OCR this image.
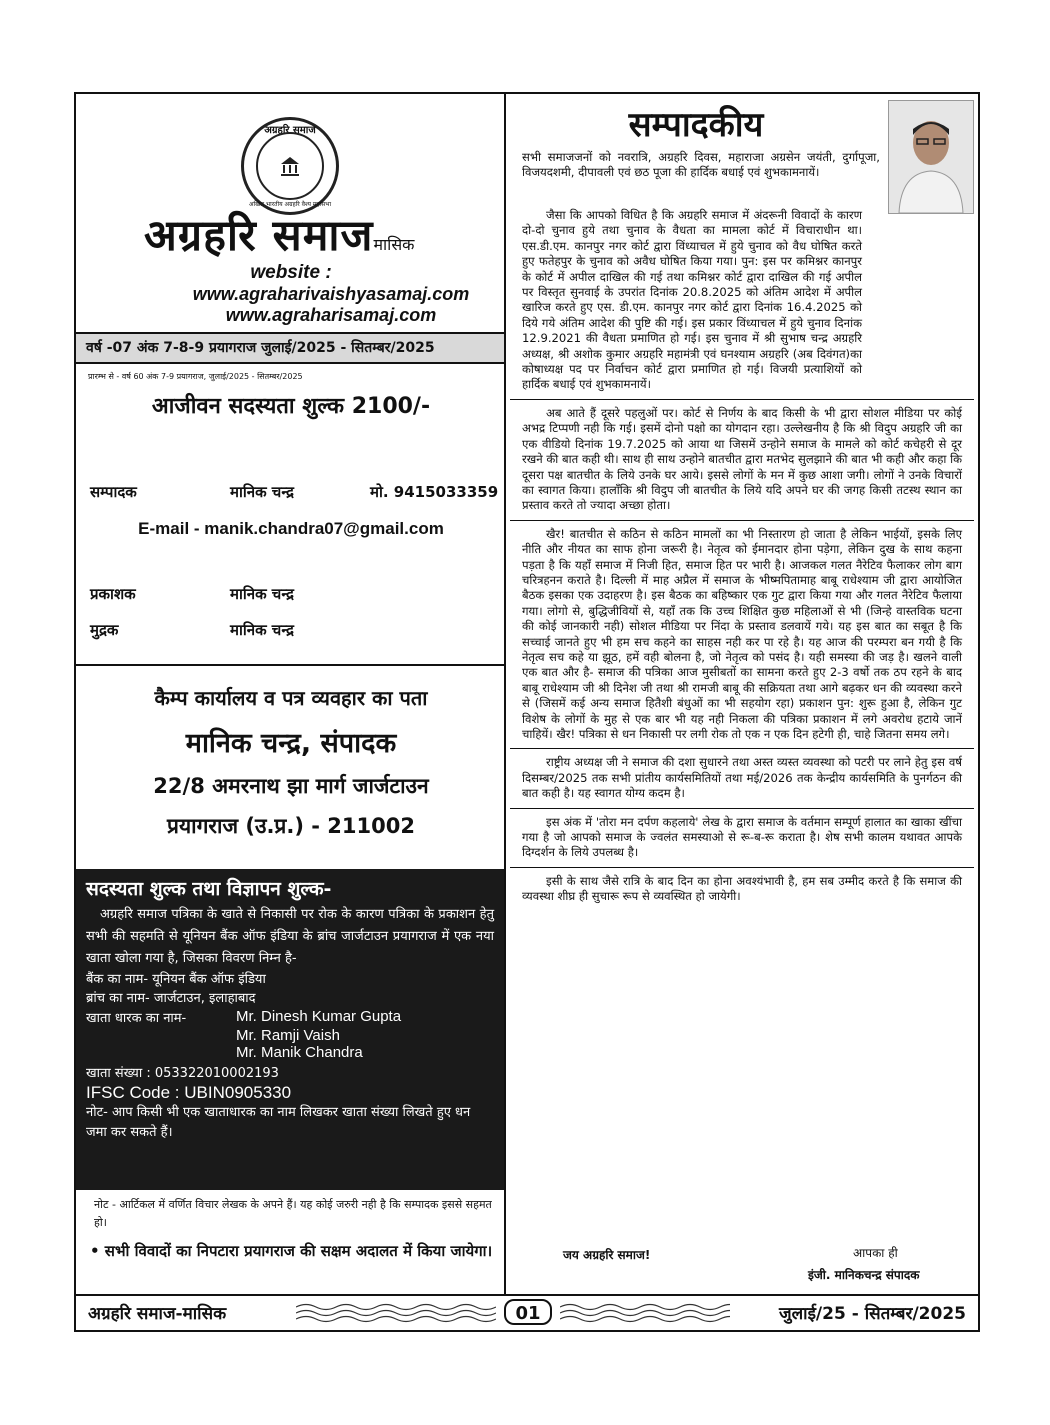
अग्रहरि समाज
अखिल भारतीय अग्रहरि वैश्य महासभा
अग्रहरि समाजमासिक
website :
www.agraharivaishyasamaj.com
www.agraharisamaj.com
वर्ष -07 अंक 7-8-9 प्रयागराज जुलाई/2025 - सितम्बर/2025
प्रारम्भ से - वर्ष 60 अंक 7-9 प्रयागराज, जुलाई/2025 - सितम्बर/2025
आजीवन सदस्यता शुल्क 2100/-
सम्पादक	मानिक चन्द्र	मो. 9415033359
E-mail - manik.chandra07@gmail.com
प्रकाशक	मानिक चन्द्र
मुद्रक	मानिक चन्द्र
कैम्प कार्यालय व पत्र व्यवहार का पता
मानिक चन्द्र, संपादक
22/8 अमरनाथ झा मार्ग जार्जटाउन
प्रयागराज (उ.प्र.) - 211002
सदस्यता शुल्क तथा विज्ञापन शुल्क-
अग्रहरि समाज पत्रिका के खाते से निकासी पर रोक के कारण पत्रिका के प्रकाशन हेतु सभी की सहमति से यूनियन बैंक ऑफ इंडिया के ब्रांच जार्जटाउन प्रयागराज में एक नया खाता खोला गया है, जिसका विवरण निम्न है-
बैंक का नाम- यूनियन बैंक ऑफ इंडिया
ब्रांच का नाम- जार्जटाउन, इलाहाबाद
खाता धारक का नाम-	Mr. Dinesh Kumar Gupta
Mr. Ramji Vaish
Mr. Manik Chandra
खाता संख्या : 053322010002193
IFSC Code : UBIN0905330
नोट- आप किसी भी एक खाताधारक का नाम लिखकर खाता संख्या लिखते हुए धन जमा कर सकते हैं।
नोट - आर्टिकल में वर्णित विचार लेखक के अपने हैं। यह कोई जरुरी नही है कि सम्पादक इससे सहमत हो।
• सभी विवादों का निपटारा प्रयागराज की सक्षम अदालत में किया जायेगा।
सम्पादकीय

सभी समाजजनों को नवरात्रि, अग्रहरि दिवस, महाराजा अग्रसेन जयंती, दुर्गापूजा, विजयदशमी, दीपावली एवं छठ पूजा की हार्दिक बधाई एवं शुभकामनायें।

जैसा कि आपको विधित है कि अग्रहरि समाज में अंदरूनी विवादों के कारण दो-दो चुनाव हुये तथा चुनाव के वैधता का मामला कोर्ट में विचाराधीन था। एस.डी.एम. कानपुर नगर कोर्ट द्वारा विंध्याचल में हुये चुनाव को वैध घोषित करते हुए फतेहपुर के चुनाव को अवैध घोषित किया गया। पुन: इस पर कमिश्नर कानपुर के कोर्ट में अपील दाखिल की गई तथा कमिश्नर कोर्ट द्वारा दाखिल की गई अपील पर विस्तृत सुनवाई के उपरांत दिनांक 20.8.2025 को अंतिम आदेश में अपील खारिज करते हुए एस. डी.एम. कानपुर नगर कोर्ट द्वारा दिनांक 16.4.2025 को दिये गये अंतिम आदेश की पुष्टि की गई। इस प्रकार विंध्याचल में हुये चुनाव दिनांक 12.9.2021 की वैधता प्रमाणित हो गई। इस चुनाव में श्री सुभाष चन्द्र अग्रहरि अध्यक्ष, श्री अशोक कुमार अग्रहरि महामंत्री एवं घनश्याम अग्रहरि (अब दिवंगत)का कोषाध्यक्ष पद पर निर्वाचन कोर्ट द्वारा प्रमाणित हो गई। विजयी प्रत्याशियों को हार्दिक बधाई एवं शुभकामनायें।

अब आते हैं दूसरे पहलुओं पर। कोर्ट से निर्णय के बाद किसी के भी द्वारा सोशल मीडिया पर कोई अभद्र टिप्पणी नही कि गई। इसमें दोनो पक्षो का योगदान रहा। उल्लेखनीय है कि श्री विदुप अग्रहरि जी का एक वीडियो दिनांक 19.7.2025 को आया था जिसमें उन्होने समाज के मामले को कोर्ट कचेहरी से दूर रखने की बात कही थी। साथ ही साथ उन्होने बातचीत द्वारा मतभेद सुलझाने की बात भी कही और कहा कि दूसरा पक्ष बातचीत के लिये उनके घर आये। इससे लोगों के मन में कुछ आशा जगी। लोगों ने उनके विचारों का स्वागत किया। हालाँकि श्री विदुप जी बातचीत के लिये यदि अपने घर की जगह किसी तटस्थ स्थान का प्रस्ताव करते तो ज्यादा अच्छा होता।

खैर! बातचीत से कठिन से कठिन मामलों का भी निस्तारण हो जाता है लेकिन भाईयों, इसके लिए नीति और नीयत का साफ होना जरूरी है। नेतृत्व को ईमानदार होना पड़ेगा, लेकिन दुख के साथ कहना पड़ता है कि यहाँ समाज में निजी हित, समाज हित पर भारी है। आजकल गलत नैरेटिव फैलाकर लोग बाग चरित्रहनन कराते है। दिल्ली में माह अप्रैल में समाज के भीष्मपितामाह बाबू राधेश्याम जी द्वारा आयोजित बैठक इसका एक उदाहरण है। इस बैठक का बहिष्कार एक गुट द्वारा किया गया और गलत नैरेटिव फैलाया गया। लोगो से, बुद्धिजीवियों से, यहाँ तक कि उच्च शिक्षित कुछ महिलाओं से भी (जिन्हे वास्तविक घटना की कोई जानकारी नही) सोशल मीडिया पर निंदा के प्रस्ताव डलवायें गये। यह इस बात का सबूत है कि सच्चाई जानते हुए भी हम सच कहने का साहस नही कर पा रहे है। यह आज की परम्परा बन गयी है कि नेतृत्व सच कहे या झूठ, हमें वही बोलना है, जो नेतृत्व को पसंद है। यही समस्या की जड़ है। खलने वाली एक बात और है- समाज की पत्रिका आज मुसीबतों का सामना करते हुए 2-3 वर्षो तक ठप रहने के बाद बाबू राधेश्याम जी श्री दिनेश जी तथा श्री रामजी बाबू की सक्रियता तथा आगे बढ़कर धन की व्यवस्था करने से (जिसमें कई अन्य समाज हितैशी बंधुओं का भी सहयोग रहा) प्रकाशन पुन: शुरू हुआ है, लेकिन गुट विशेष के लोगों के मुह से एक बार भी यह नही निकला की पत्रिका प्रकाशन में लगे अवरोध हटाये जानें चाहियें। खैर! पत्रिका से धन निकासी पर लगी रोक तो एक न एक दिन हटेगी ही, चाहे जितना समय लगे।

राष्ट्रीय अध्यक्ष जी ने समाज की दशा सुधारने तथा अस्त व्यस्त व्यवस्था को पटरी पर लाने हेतु इस वर्ष दिसम्बर/2025 तक सभी प्रांतीय कार्यसमितियों तथा मई/2026 तक केन्द्रीय कार्यसमिति के पुनर्गठन की बात कही है। यह स्वागत योग्य कदम है।

इस अंक में 'तोरा मन दर्पण कहलाये' लेख के द्वारा समाज के वर्तमान सम्पूर्ण हालात का खाका खींचा गया है जो आपको समाज के ज्वलंत समस्याओ से रू-ब-रू कराता है। शेष सभी कालम यथावत आपके दिग्दर्शन के लिये उपलब्ध है।

इसी के साथ जैसे रात्रि के बाद दिन का होना अवश्यंभावी है, हम सब उम्मीद करते है कि समाज की व्यवस्था शीघ्र ही सुचारू रूप से व्यवस्थित हो जायेगी।

जय अग्रहरि समाज!	आपका ही
इंजी. मानिकचन्द्र संपादक
अग्रहरि समाज-मासिक	01	जुलाई/25 - सितम्बर/2025
